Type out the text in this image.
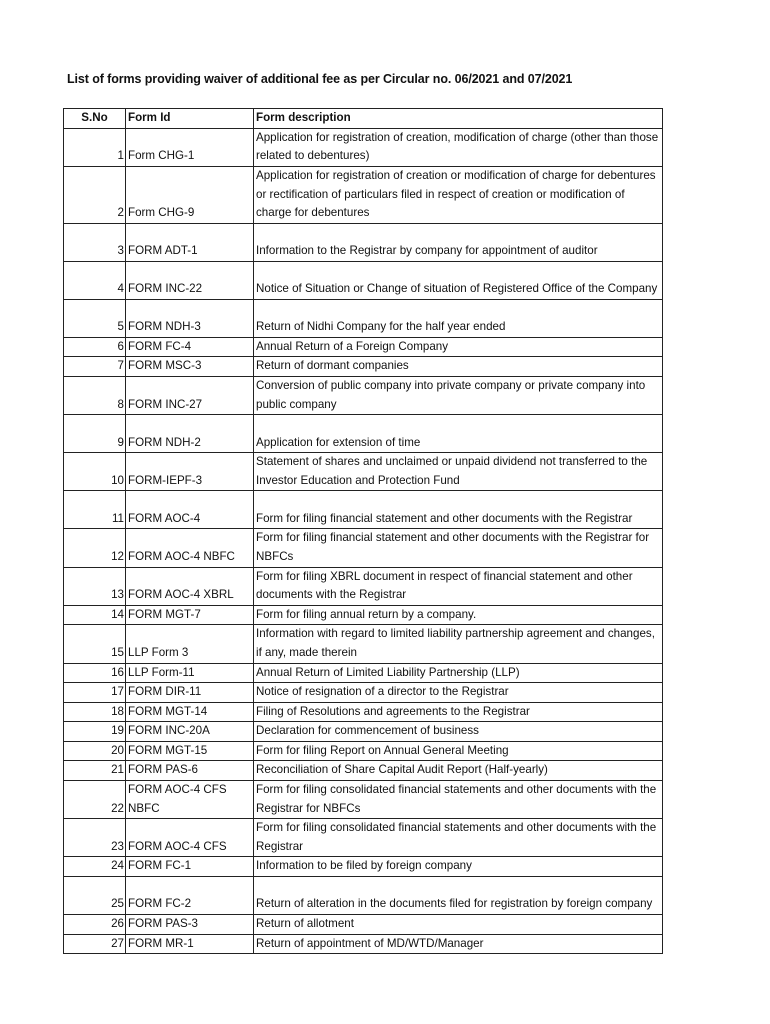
List of forms providing waiver of additional fee as per Circular no. 06/2021 and 07/2021
S.No	Form Id	Form description
1	Form CHG-1	Application for registration of creation, modification of charge (other than those related to debentures)
2	Form CHG-9	Application for registration of creation or modification of charge for debentures or rectification of particulars filed in respect of creation or modification of charge for debentures
3	FORM ADT-1	Information to the Registrar by company for appointment of auditor
4	FORM INC-22	Notice of Situation or Change of situation of Registered Office of the Company
5	FORM NDH-3	Return of Nidhi Company for the half year ended
6	FORM FC-4	Annual Return of a Foreign Company
7	FORM MSC-3	Return of dormant companies
8	FORM INC-27	Conversion of public company into private company or private company into public company
9	FORM NDH-2	Application for extension of time
10	FORM-IEPF-3	Statement of shares and unclaimed or unpaid dividend not transferred to the Investor Education and Protection Fund
11	FORM AOC-4	Form for filing financial statement and other documents with the Registrar
12	FORM AOC-4 NBFC	Form for filing financial statement and other documents with the Registrar for NBFCs
13	FORM AOC-4 XBRL	Form for filing XBRL document in respect of financial statement and other documents with the Registrar
14	FORM MGT-7	Form for filing annual return by a company.
15	LLP Form 3	Information with regard to limited liability partnership agreement and changes, if any, made therein
16	LLP Form-11	Annual Return of Limited Liability Partnership (LLP)
17	FORM DIR-11	Notice of resignation of a director to the Registrar
18	FORM MGT-14	Filing of Resolutions and agreements to the Registrar
19	FORM INC-20A	Declaration for commencement of business
20	FORM MGT-15	Form for filing Report on Annual General Meeting
21	FORM PAS-6	Reconciliation of Share Capital Audit Report (Half-yearly)
22	FORM AOC-4 CFS NBFC	Form for filing consolidated financial statements and other documents with the Registrar for NBFCs
23	FORM AOC-4 CFS	Form for filing consolidated financial statements and other documents with the Registrar
24	FORM FC-1	Information to be filed by foreign company
25	FORM FC-2	Return of alteration in the documents filed for registration by foreign company
26	FORM PAS-3	Return of allotment
27	FORM MR-1	Return of appointment of MD/WTD/Manager
